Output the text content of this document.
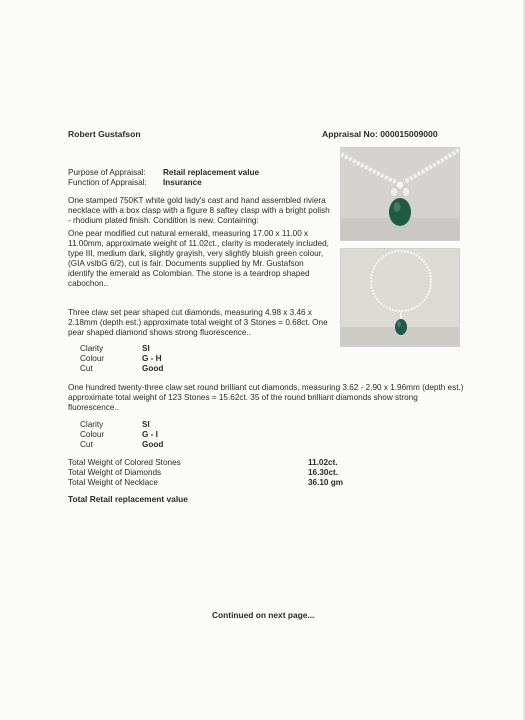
Robert Gustafson	Appraisal No: 000015009000
Purpose of Appraisal:	Retail replacement value
Function of Appraisal:	Insurance
One stamped 750KT white gold lady's cast and hand assembled riviera necklace with a box clasp with a figure 8 saftey clasp with a bright polish - rhodium plated finish. Condition is new. Containing:
One pear modified cut natural emerald, measuring 17.00 x 11.00 x 11.00mm, approximate weight of 11.02ct., clarity is moderately included, type III, medium dark, slightly grayish, very slightly bluish green colour, (GIA vslbG 6/2), cut is fair. Documents supplied by Mr. Gustafson identify the emerald as Colombian. The stone is a teardrop shaped cabochon..
Three claw set pear shaped cut diamonds, measuring 4.98 x 3.46 x 2.18mm (depth est.) approximate total weight of 3 Stones = 0.68ct. One pear shaped diamond shows strong fluorescence..
Clarity	SI
Colour	G - H
Cut	Good
One hundred twenty-three claw set round brilliant cut diamonds, measuring 3.62 - 2.90 x 1.96mm (depth est.) approximate total weight of 123 Stones = 15.62ct. 35 of the round brilliant diamonds show strong fluorescence..
Clarity	SI
Colour	G - I
Cut	Good
Total Weight of Colored Stones	11.02ct.
Total Weight of Diamonds	16.30ct.
Total Weight of Necklace	36.10 gm
Total Retail replacement value
Continued on next page...
